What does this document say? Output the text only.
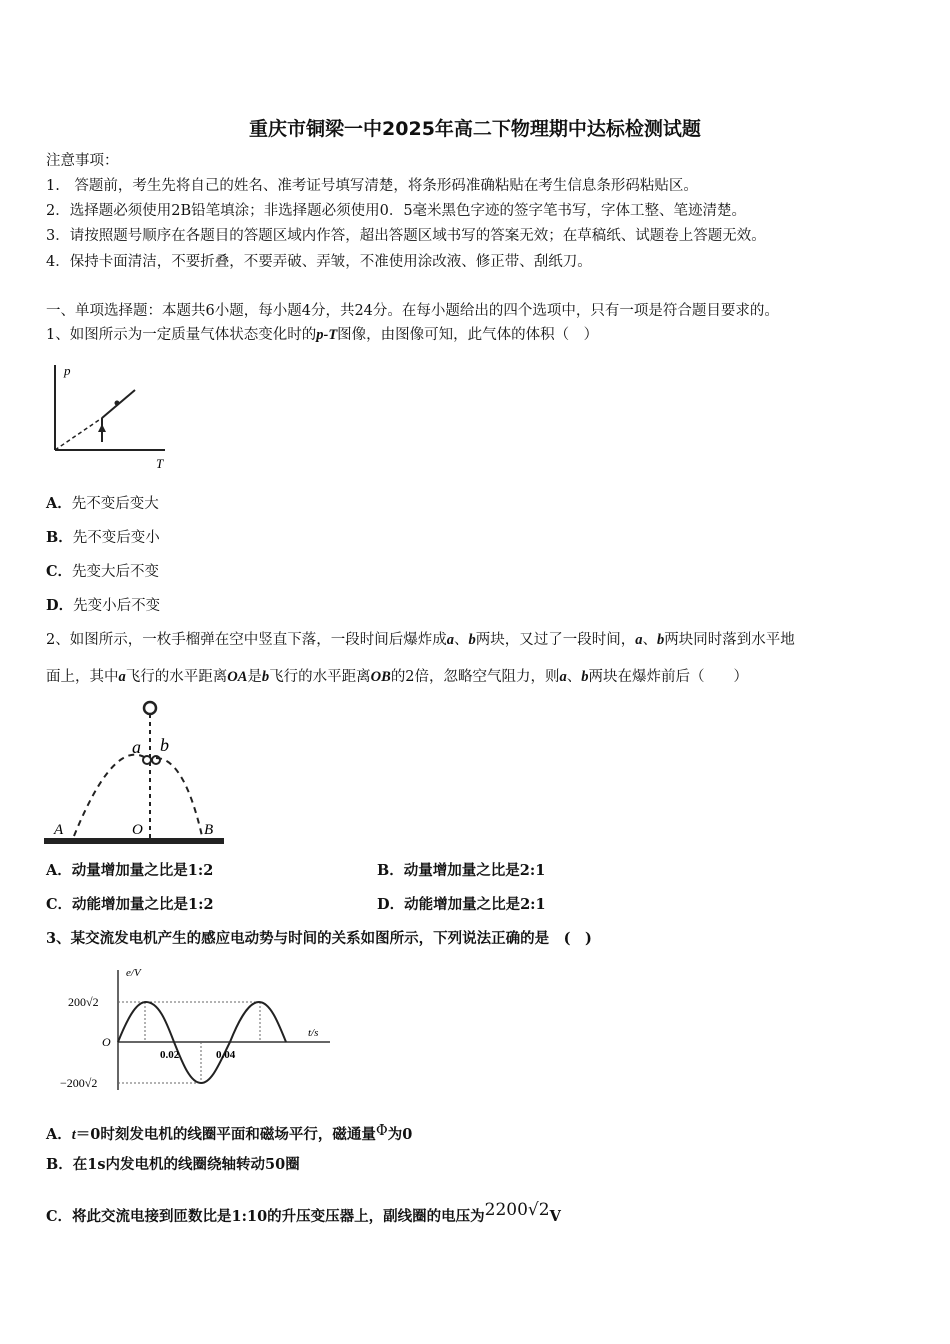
重庆市铜梁一中2025年高二下物理期中达标检测试题
注意事项：
1.　答题前，考生先将自己的姓名、准考证号填写清楚，将条形码准确粘贴在考生信息条形码粘贴区。
2．选择题必须使用2B铅笔填涂；非选择题必须使用0．5毫米黑色字迹的签字笔书写，字体工整、笔迹清楚。
3．请按照题号顺序在各题目的答题区域内作答，超出答题区域书写的答案无效；在草稿纸、试题卷上答题无效。
4．保持卡面清洁，不要折叠，不要弄破、弄皱，不准使用涂改液、修正带、刮纸刀。
一、单项选择题：本题共6小题，每小题4分，共24分。在每小题给出的四个选项中，只有一项是符合题目要求的。
1、如图所示为一定质量气体状态变化时的p-T图像，由图像可知，此气体的体积（　）
p
T
A．先不变后变大
B．先不变后变小
C．先变大后不变
D．先变小后不变
2、如图所示，一枚手榴弹在空中竖直下落，一段时间后爆炸成a、b两块，又过了一段时间，a、b两块同时落到水平地
面上，其中a飞行的水平距离OA是b飞行的水平距离OB的2倍，忽略空气阻力，则a、b两块在爆炸前后（　　）
a b
A	O	B
A．动量增加量之比是1:2	B．动量增加量之比是2:1
C．动能增加量之比是1:2	D．动能增加量之比是2:1
3、某交流发电机产生的感应电动势与时间的关系如图所示，下列说法正确的是　(　)
e/V
t/s
200√2
−200√2
O
0.02	0.04
A．t＝0时刻发电机的线圈平面和磁场平行，磁通量Φ为0
B．在1s内发电机的线圈绕轴转动50圈
C．将此交流电接到匝数比是1:10的升压变压器上，副线圈的电压为2200√2V
